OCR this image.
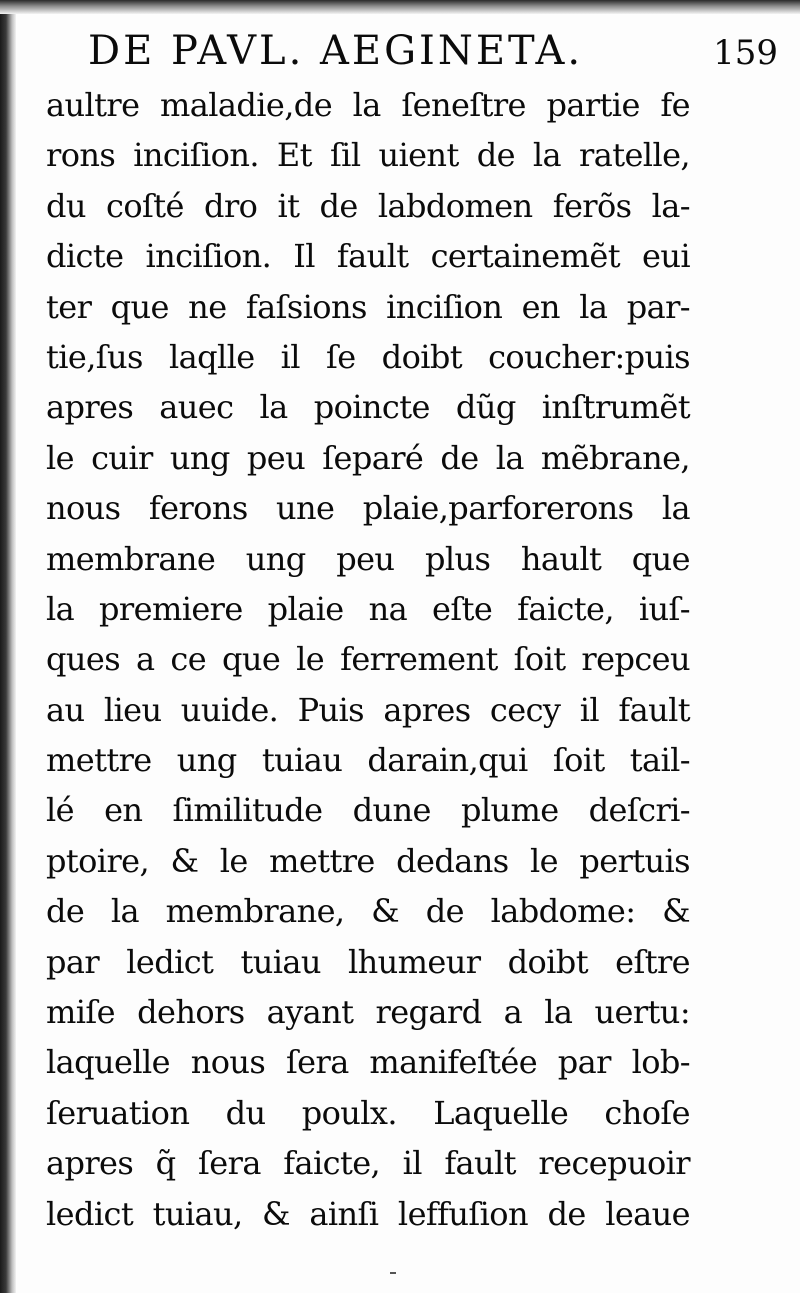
DE PAVL. AEGINETA.	159
aultre maladie,de la ſeneſtre partie fe
rons inciſion. Et ſil uient de la ratelle,
du coſté dro it de labdomen ferõs la-
dicte inciſion. Il fault certainemẽt eui
ter que ne faſsions inciſion en la par-
tie,ſus laqlle il ſe doibt coucher:puis
apres auec la poincte dũg inſtrumẽt
le cuir ung peu ſeparé de la mẽbrane,
nous ferons une plaie,parforerons la
membrane ung peu plus hault que
la premiere plaie na eſte faicte, iuſ-
ques a ce que le ferrement ſoit repceu
au lieu uuide. Puis apres cecy il fault
mettre ung tuiau darain,qui ſoit tail-
lé en ſimilitude dune plume deſcri-
ptoire, & le mettre dedans le pertuis
de la membrane, & de labdome: &
par ledict tuiau lhumeur doibt eſtre
miſe dehors ayant regard a la uertu:
laquelle nous ſera manifeſtée par lob-
ſeruation du poulx. Laquelle choſe
apres q̃ ſera faicte, il fault recepuoir
ledict tuiau, & ainſi leffuſion de leaue
